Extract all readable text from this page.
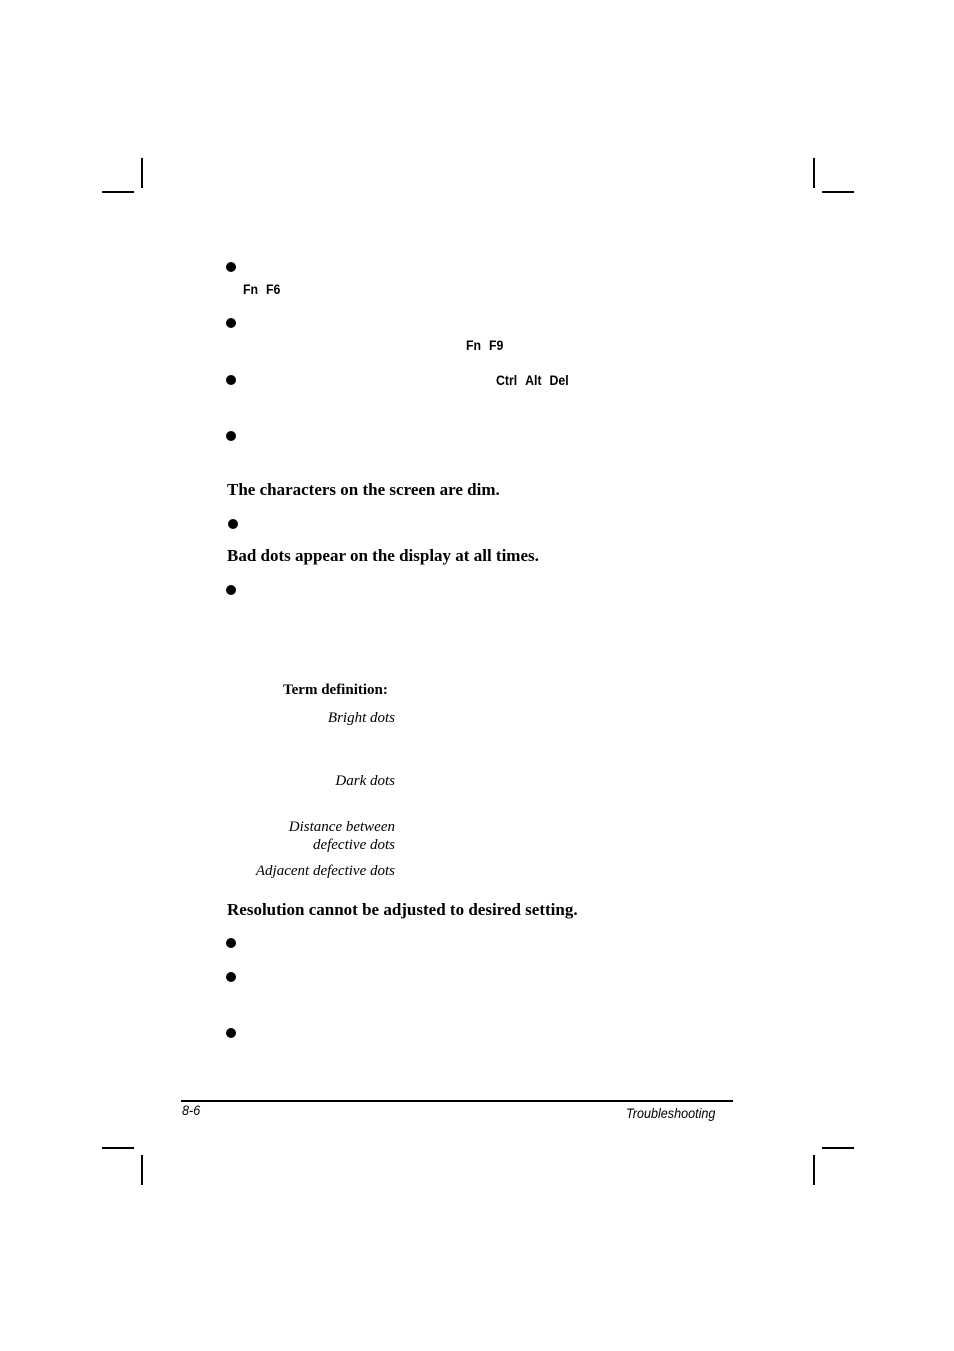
Fn F6
Fn F9
Ctrl Alt Del
The characters on the screen are dim.
Bad dots appear on the display at all times.
Term definition:
Bright dots
Dark dots
Distance between
defective dots
Adjacent defective dots
Resolution cannot be adjusted to desired setting.
8-6	Troubleshooting
